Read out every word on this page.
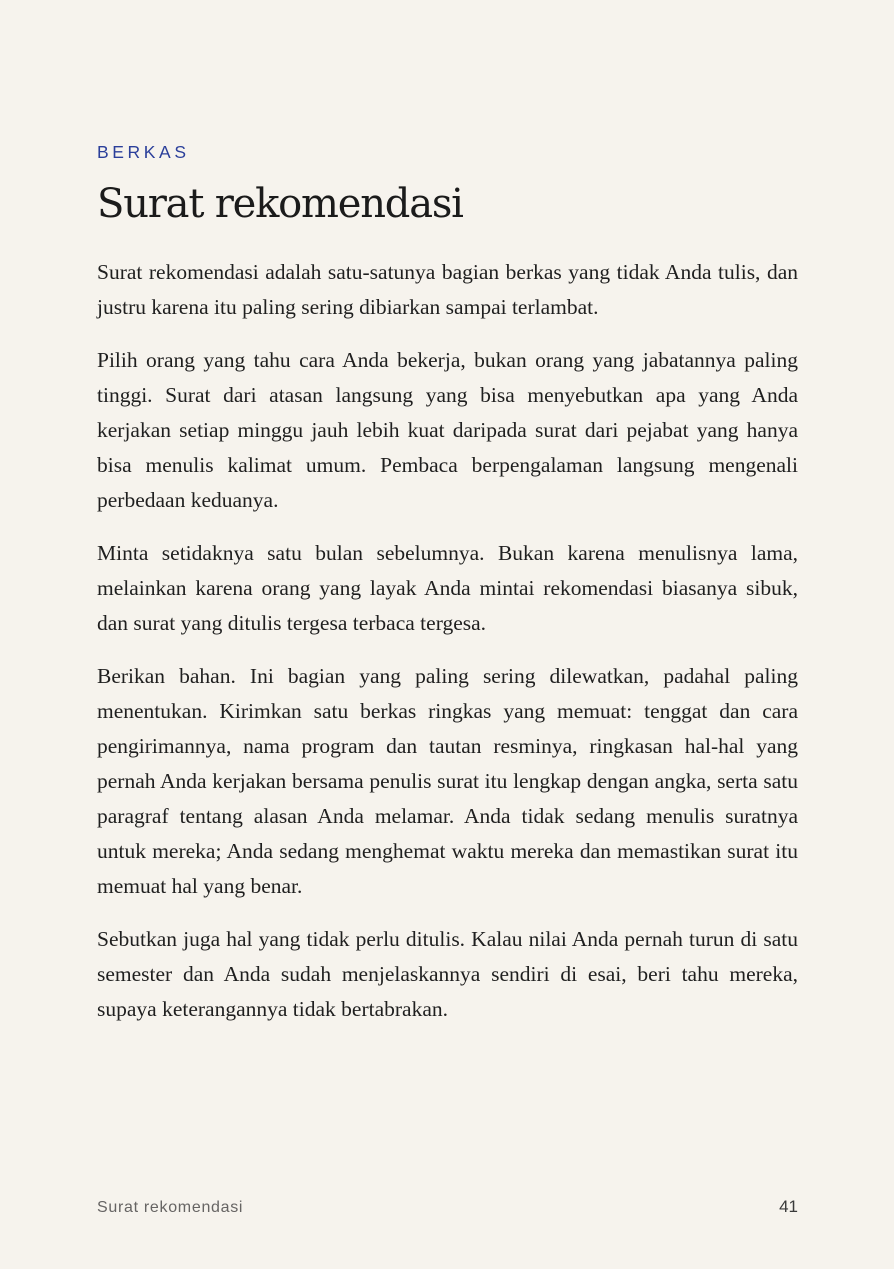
BERKAS
Surat rekomendasi

Surat rekomendasi adalah satu-satunya bagian berkas yang tidak Anda tulis, dan justru karena itu paling sering dibiarkan sampai terlambat.

Pilih orang yang tahu cara Anda bekerja, bukan orang yang jabatannya paling tinggi. Surat dari atasan langsung yang bisa menyebutkan apa yang Anda kerjakan setiap minggu jauh lebih kuat daripada surat dari pejabat yang hanya bisa menulis kalimat umum. Pembaca berpengalaman langsung mengenali perbedaan keduanya.

Minta setidaknya satu bulan sebelumnya. Bukan karena menulisnya lama, melainkan karena orang yang layak Anda mintai rekomendasi biasanya sibuk, dan surat yang ditulis tergesa terbaca tergesa.

Berikan bahan. Ini bagian yang paling sering dilewatkan, padahal paling menentukan. Kirimkan satu berkas ringkas yang memuat: tenggat dan cara pengirimannya, nama program dan tautan resminya, ringkasan hal-hal yang pernah Anda kerjakan bersama penulis surat itu lengkap dengan angka, serta satu paragraf tentang alasan Anda melamar. Anda tidak sedang menulis suratnya untuk mereka; Anda sedang menghemat waktu mereka dan memastikan surat itu memuat hal yang benar.

Sebutkan juga hal yang tidak perlu ditulis. Kalau nilai Anda pernah turun di satu semester dan Anda sudah menjelaskannya sendiri di esai, beri tahu mereka, supaya keterangannya tidak bertabrakan.

Surat rekomendasi	41
